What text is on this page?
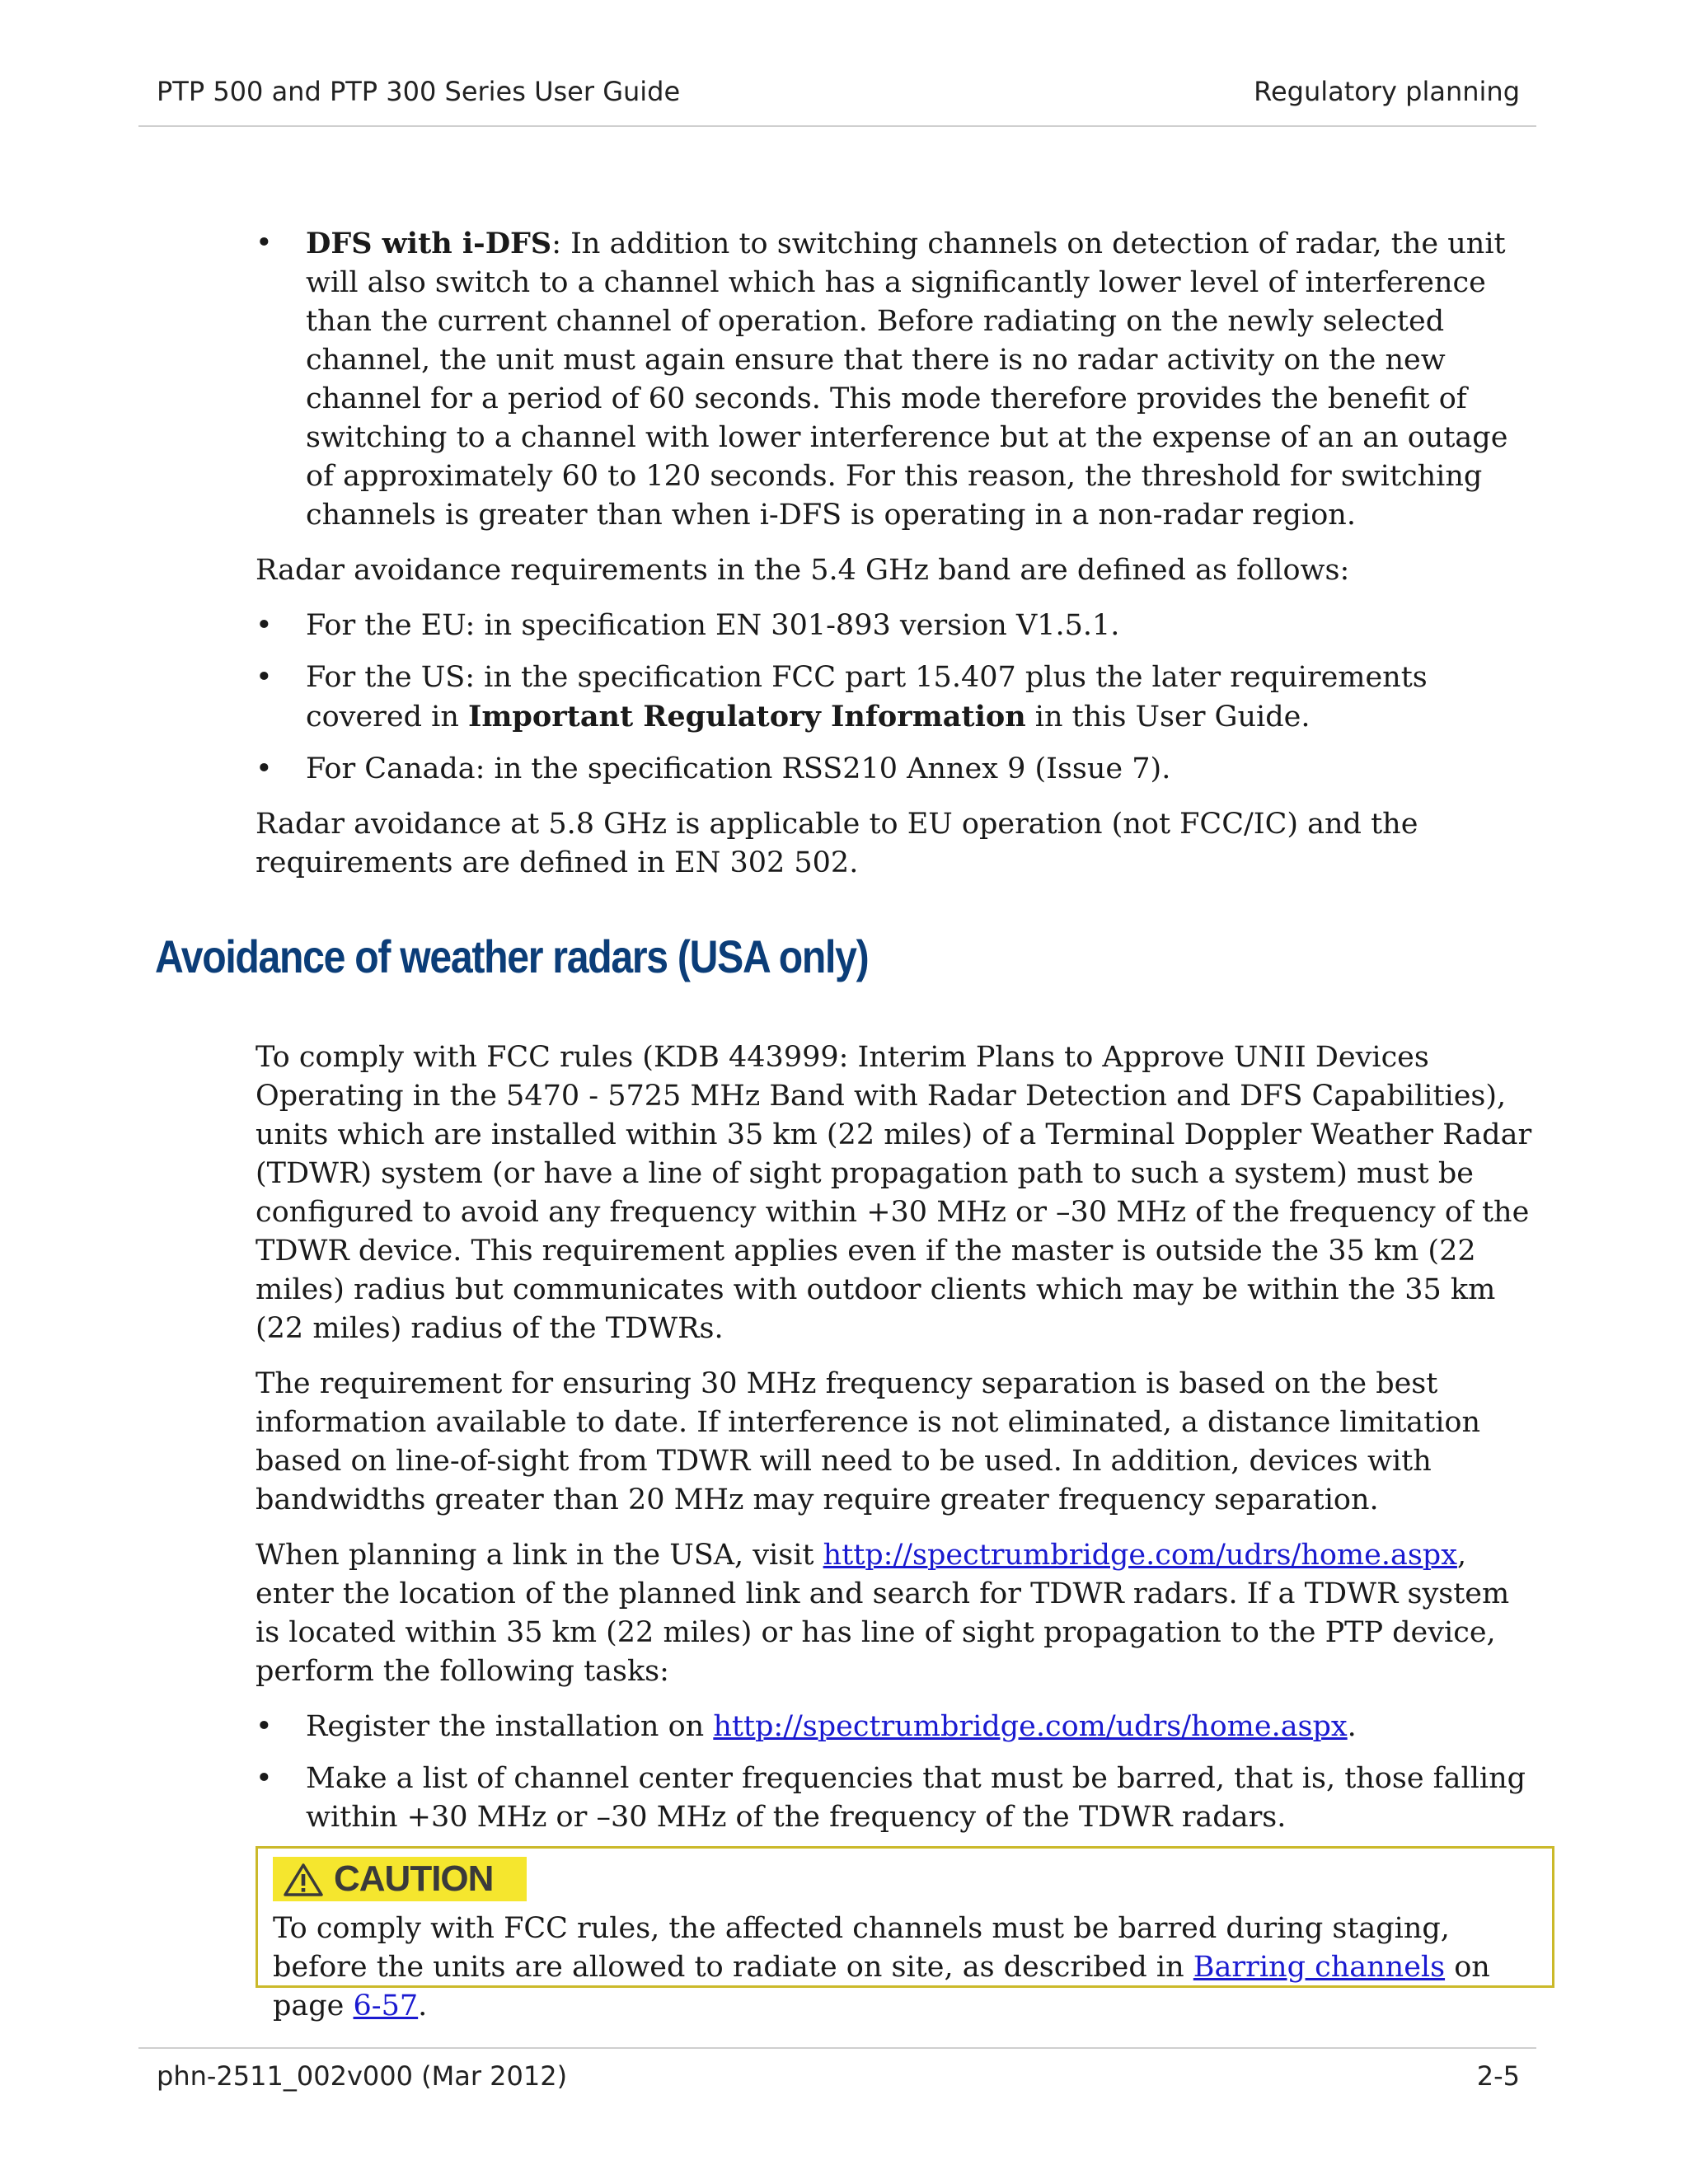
PTP 500 and PTP 300 Series User Guide	Regulatory planning
• DFS with i-DFS: In addition to switching channels on detection of radar, the unit will also switch to a channel which has a significantly lower level of interference than the current channel of operation. Before radiating on the newly selected channel, the unit must again ensure that there is no radar activity on the new channel for a period of 60 seconds. This mode therefore provides the benefit of switching to a channel with lower interference but at the expense of an an outage of approximately 60 to 120 seconds. For this reason, the threshold for switching channels is greater than when i-DFS is operating in a non-radar region.

Radar avoidance requirements in the 5.4 GHz band are defined as follows:

• For the EU: in specification EN 301-893 version V1.5.1.
• For the US: in the specification FCC part 15.407 plus the later requirements covered in Important Regulatory Information in this User Guide.
• For Canada: in the specification RSS210 Annex 9 (Issue 7).

Radar avoidance at 5.8 GHz is applicable to EU operation (not FCC/IC) and the requirements are defined in EN 302 502.

Avoidance of weather radars (USA only)

To comply with FCC rules (KDB 443999: Interim Plans to Approve UNII Devices Operating in the 5470 - 5725 MHz Band with Radar Detection and DFS Capabilities), units which are installed within 35 km (22 miles) of a Terminal Doppler Weather Radar (TDWR) system (or have a line of sight propagation path to such a system) must be configured to avoid any frequency within +30 MHz or –30 MHz of the frequency of the TDWR device. This requirement applies even if the master is outside the 35 km (22 miles) radius but communicates with outdoor clients which may be within the 35 km (22 miles) radius of the TDWRs.

The requirement for ensuring 30 MHz frequency separation is based on the best information available to date. If interference is not eliminated, a distance limitation based on line-of-sight from TDWR will need to be used. In addition, devices with bandwidths greater than 20 MHz may require greater frequency separation.

When planning a link in the USA, visit http://spectrumbridge.com/udrs/home.aspx, enter the location of the planned link and search for TDWR radars. If a TDWR system is located within 35 km (22 miles) or has line of sight propagation to the PTP device, perform the following tasks:

• Register the installation on http://spectrumbridge.com/udrs/home.aspx.
• Make a list of channel center frequencies that must be barred, that is, those falling within +30 MHz or –30 MHz of the frequency of the TDWR radars.
CAUTION
To comply with FCC rules, the affected channels must be barred during staging, before the units are allowed to radiate on site, as described in Barring channels on page 6-57.
phn-2511_002v000 (Mar 2012)	2-5
